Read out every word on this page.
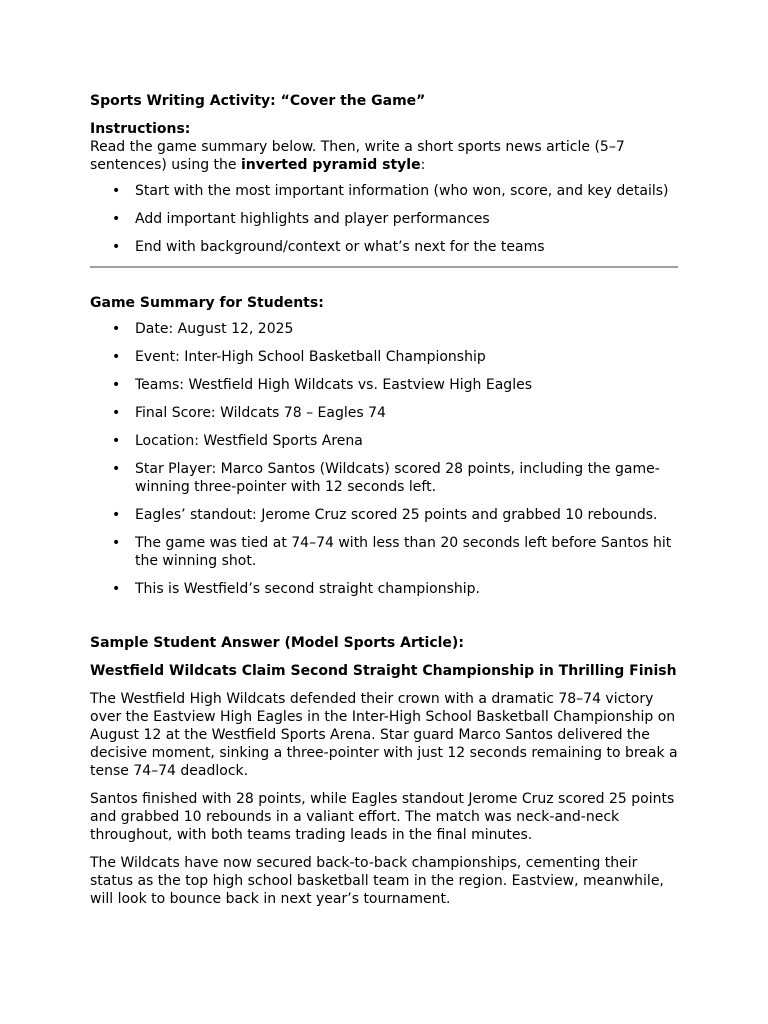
Sports Writing Activity: “Cover the Game”
Instructions:

Read the game summary below. Then, write a short sports news article (5–7 sentences) using the inverted pyramid style:

• Start with the most important information (who won, score, and key details)
• Add important highlights and player performances
• End with background/context or what’s next for the teams
Game Summary for Students:
• Date: August 12, 2025
• Event: Inter-High School Basketball Championship
• Teams: Westfield High Wildcats vs. Eastview High Eagles
• Final Score: Wildcats 78 – Eagles 74
• Location: Westfield Sports Arena
• Star Player: Marco Santos (Wildcats) scored 28 points, including the game-winning three-pointer with 12 seconds left.
• Eagles’ standout: Jerome Cruz scored 25 points and grabbed 10 rebounds.
• The game was tied at 74–74 with less than 20 seconds left before Santos hit the winning shot.
• This is Westfield’s second straight championship.
Sample Student Answer (Model Sports Article):
Westfield Wildcats Claim Second Straight Championship in Thrilling Finish

The Westfield High Wildcats defended their crown with a dramatic 78–74 victory over the Eastview High Eagles in the Inter-High School Basketball Championship on August 12 at the Westfield Sports Arena. Star guard Marco Santos delivered the decisive moment, sinking a three-pointer with just 12 seconds remaining to break a tense 74–74 deadlock.

Santos finished with 28 points, while Eagles standout Jerome Cruz scored 25 points and grabbed 10 rebounds in a valiant effort. The match was neck-and-neck throughout, with both teams trading leads in the final minutes.

The Wildcats have now secured back-to-back championships, cementing their status as the top high school basketball team in the region. Eastview, meanwhile, will look to bounce back in next year’s tournament.
